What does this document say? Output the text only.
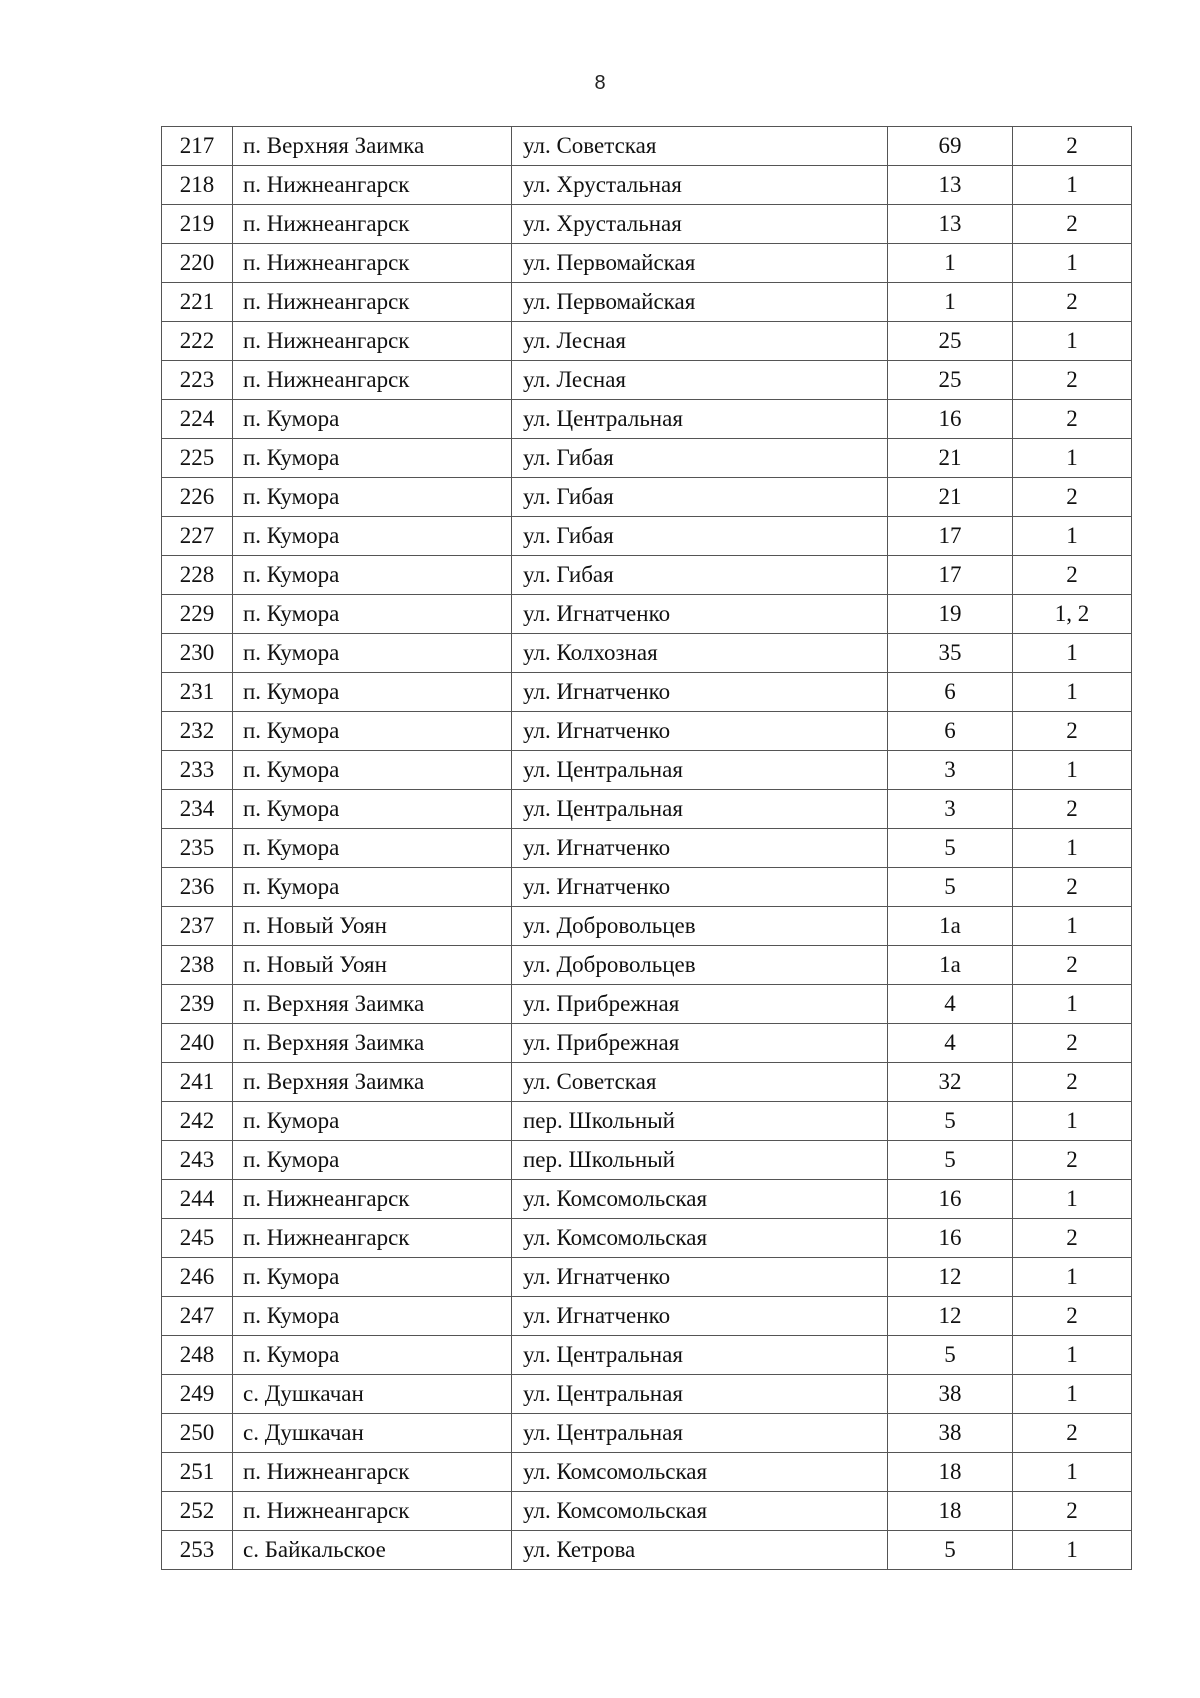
8
217	п. Верхняя Заимка	ул. Советская	69	2
218	п. Нижнеангарск	ул. Хрустальная	13	1
219	п. Нижнеангарск	ул. Хрустальная	13	2
220	п. Нижнеангарск	ул. Первомайская	1	1
221	п. Нижнеангарск	ул. Первомайская	1	2
222	п. Нижнеангарск	ул. Лесная	25	1
223	п. Нижнеангарск	ул. Лесная	25	2
224	п. Кумора	ул. Центральная	16	2
225	п. Кумора	ул. Гибая	21	1
226	п. Кумора	ул. Гибая	21	2
227	п. Кумора	ул. Гибая	17	1
228	п. Кумора	ул. Гибая	17	2
229	п. Кумора	ул. Игнатченко	19	1, 2
230	п. Кумора	ул. Колхозная	35	1
231	п. Кумора	ул. Игнатченко	6	1
232	п. Кумора	ул. Игнатченко	6	2
233	п. Кумора	ул. Центральная	3	1
234	п. Кумора	ул. Центральная	3	2
235	п. Кумора	ул. Игнатченко	5	1
236	п. Кумора	ул. Игнатченко	5	2
237	п. Новый Уоян	ул. Добровольцев	1а	1
238	п. Новый Уоян	ул. Добровольцев	1а	2
239	п. Верхняя Заимка	ул. Прибрежная	4	1
240	п. Верхняя Заимка	ул. Прибрежная	4	2
241	п. Верхняя Заимка	ул. Советская	32	2
242	п. Кумора	пер. Школьный	5	1
243	п. Кумора	пер. Школьный	5	2
244	п. Нижнеангарск	ул. Комсомольская	16	1
245	п. Нижнеангарск	ул. Комсомольская	16	2
246	п. Кумора	ул. Игнатченко	12	1
247	п. Кумора	ул. Игнатченко	12	2
248	п. Кумора	ул. Центральная	5	1
249	с. Душкачан	ул. Центральная	38	1
250	с. Душкачан	ул. Центральная	38	2
251	п. Нижнеангарск	ул. Комсомольская	18	1
252	п. Нижнеангарск	ул. Комсомольская	18	2
253	с. Байкальское	ул. Кетрова	5	1
